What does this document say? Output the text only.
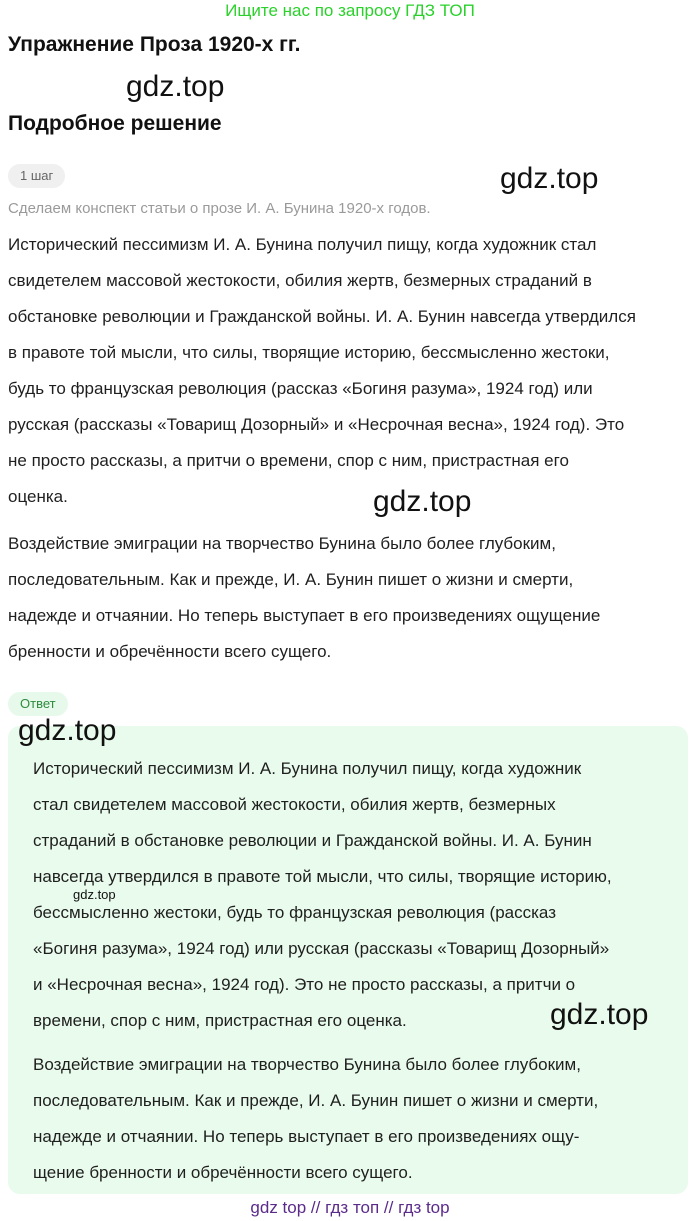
Ищите нас по запросу ГДЗ ТОП
Упражнение Проза 1920-х гг.
gdz.top
Подробное решение
1 шаг	gdz.top
Сделаем конспект статьи о прозе И. А. Бунина 1920-х годов.
Исторический пессимизм И. А. Бунина получил пищу, когда художник стал
свидетелем массовой жестокости, обилия жертв, безмерных страданий в
обстановке революции и Гражданской войны. И. А. Бунин навсегда утвердился
в правоте той мысли, что силы, творящие историю, бессмысленно жестоки,
будь то французская революция (рассказ «Богиня разума», 1924 год) или
русская (рассказы «Товарищ Дозорный» и «Несрочная весна», 1924 год). Это
не просто рассказы, а притчи о времени, спор с ним, пристрастная его
оценка.	gdz.top
Воздействие эмиграции на творчество Бунина было более глубоким,
последовательным. Как и прежде, И. А. Бунин пишет о жизни и смерти,
надежде и отчаянии. Но теперь выступает в его произведениях ощущение
бренности и обречённости всего сущего.
Ответ
gdz.top
Исторический пессимизм И. А. Бунина получил пищу, когда художник
стал свидетелем массовой жестокости, обилия жертв, безмерных
страданий в обстановке революции и Гражданской войны. И. А. Бунин
навсегда утвердился в правоте той мысли, что силы, творящие историю,
бессмысленно жестоки, будь то французская революция (рассказ
«Богиня разума», 1924 год) или русская (рассказы «Товарищ Дозорный»
и «Несрочная весна», 1924 год). Это не просто рассказы, а притчи о
времени, спор с ним, пристрастная его оценка.
gdz.top
gdz.top
Воздействие эмиграции на творчество Бунина было более глубоким,
последовательным. Как и прежде, И. А. Бунин пишет о жизни и смерти,
надежде и отчаянии. Но теперь выступает в его произведениях ощу-
щение бренности и обречённости всего сущего.
gdz top // гдз топ // гдз top
